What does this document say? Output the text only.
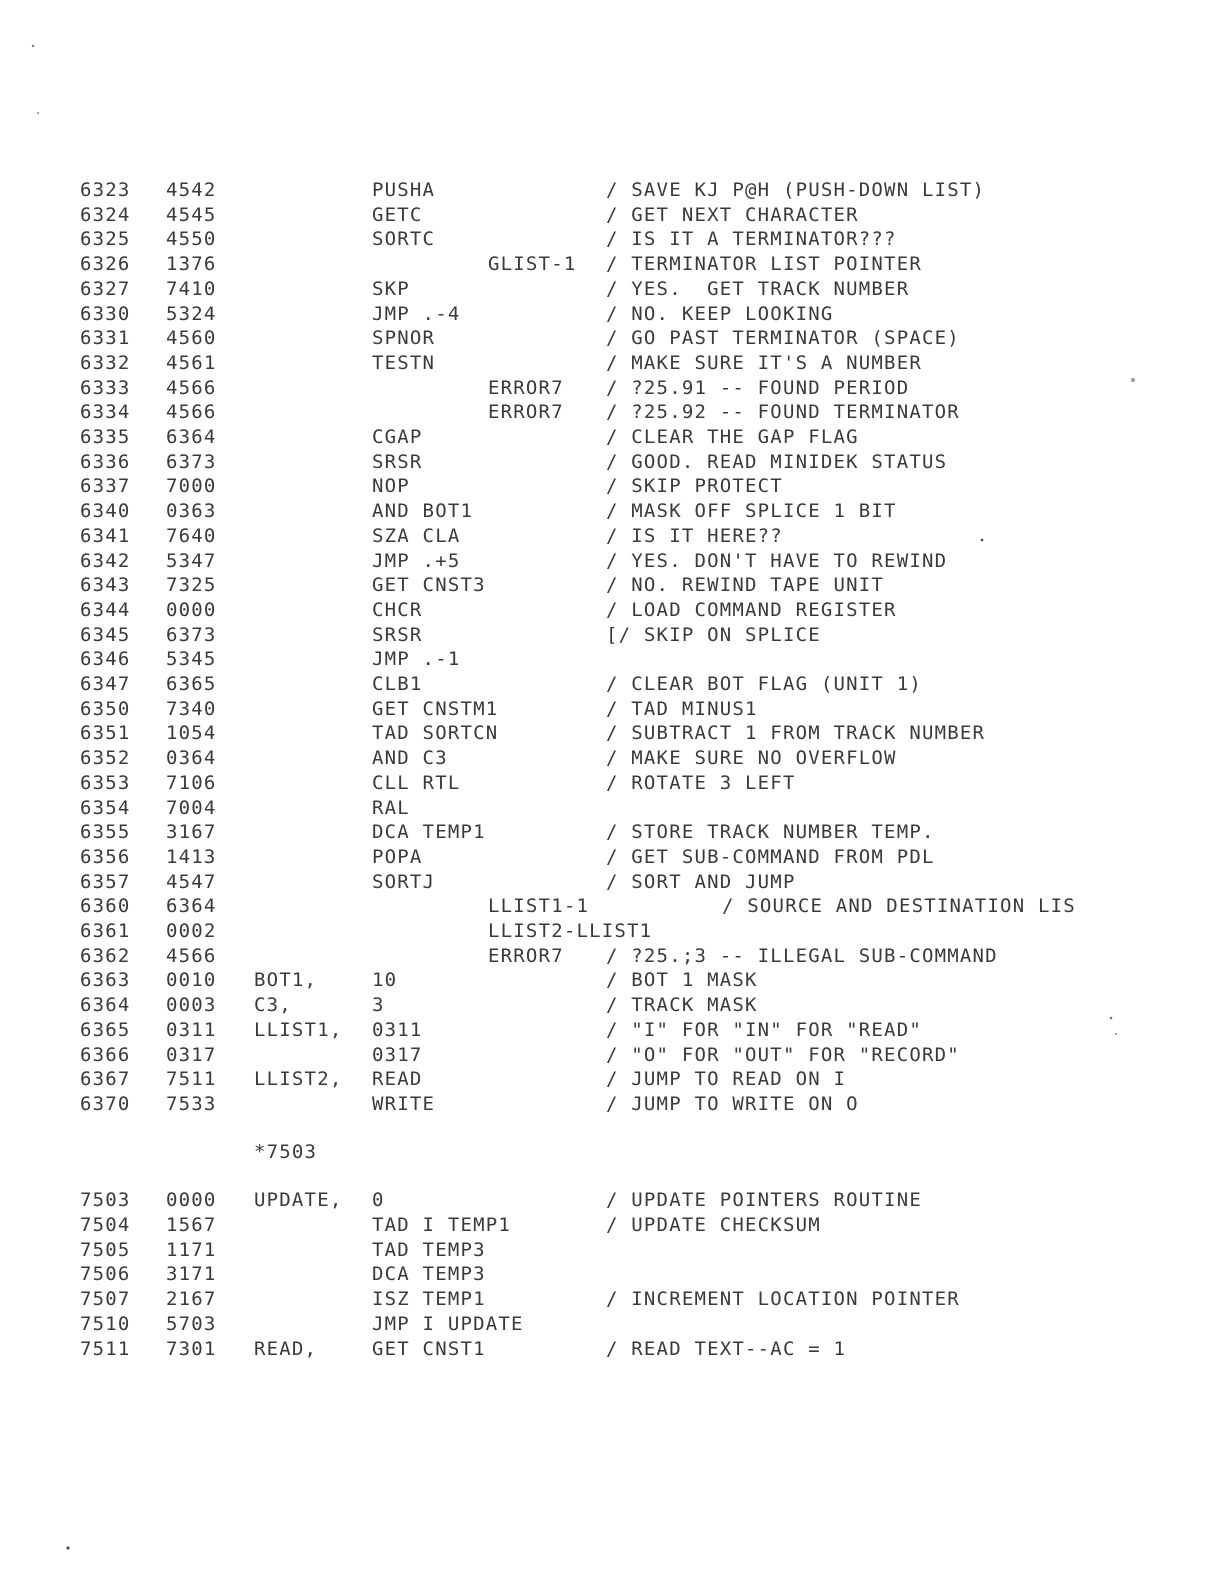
6323 4542	PUSHA	/ SAVE KJ P@H (PUSH-DOWN LIST)
6324 4545	GETC	/ GET NEXT CHARACTER
6325 4550	SORTC	/ IS IT A TERMINATOR???
6326 1376	GLIST-1 / TERMINATOR LIST POINTER
6327 7410	SKP	/ YES.  GET TRACK NUMBER
6330 5324	JMP .-4	/ NO. KEEP LOOKING
6331 4560	SPNOR	/ GO PAST TERMINATOR (SPACE)
6332 4561	TESTN	/ MAKE SURE IT'S A NUMBER
6333 4566	ERROR7 / ?25.91 -- FOUND PERIOD
6334 4566	ERROR7 / ?25.92 -- FOUND TERMINATOR
6335 6364	CGAP	/ CLEAR THE GAP FLAG
6336 6373	SRSR	/ GOOD. READ MINIDEK STATUS
6337 7000	NOP	/ SKIP PROTECT
6340 0363	AND BOT1	/ MASK OFF SPLICE 1 BIT
6341 7640	SZA CLA	/ IS IT HERE??
6342 5347	JMP .+5	/ YES. DON'T HAVE TO REWIND
6343 7325	GET CNST3	/ NO. REWIND TAPE UNIT
6344 0000	CHCR	/ LOAD COMMAND REGISTER
6345 6373	SRSR	[/ SKIP ON SPLICE
6346 5345	JMP .-1
6347 6365	CLB1	/ CLEAR BOT FLAG (UNIT 1)
6350 7340	GET CNSTM1	/ TAD MINUS1
6351 1054	TAD SORTCN	/ SUBTRACT 1 FROM TRACK NUMBER
6352 0364	AND C3	/ MAKE SURE NO OVERFLOW
6353 7106	CLL RTL	/ ROTATE 3 LEFT
6354 7004	RAL
6355 3167	DCA TEMP1	/ STORE TRACK NUMBER TEMP.
6356 1413	POPA	/ GET SUB-COMMAND FROM PDL
6357 4547	SORTJ	/ SORT AND JUMP
6360 6364	LLIST1-1	/ SOURCE AND DESTINATION LIS
6361 0002	LLIST2-LLIST1
6362 4566	ERROR7 / ?25.;3 -- ILLEGAL SUB-COMMAND
6363 0010 BOT1,	10	/ BOT 1 MASK
6364 0003 C3,	3	/ TRACK MASK
6365 0311 LLIST1, 0311	/ "I" FOR "IN" FOR "READ"
6366 0317	0317	/ "O" FOR "OUT" FOR "RECORD"
6367 7511 LLIST2, READ	/ JUMP TO READ ON I
6370 7533	WRITE	/ JUMP TO WRITE ON O
*7503
7503 0000 UPDATE, 0	/ UPDATE POINTERS ROUTINE
7504 1567	TAD I TEMP1	/ UPDATE CHECKSUM
7505 1171	TAD TEMP3
7506 3171	DCA TEMP3
7507 2167	ISZ TEMP1	/ INCREMENT LOCATION POINTER
7510 5703	JMP I UPDATE
7511 7301 READ,	GET CNST1	/ READ TEXT--AC = 1
